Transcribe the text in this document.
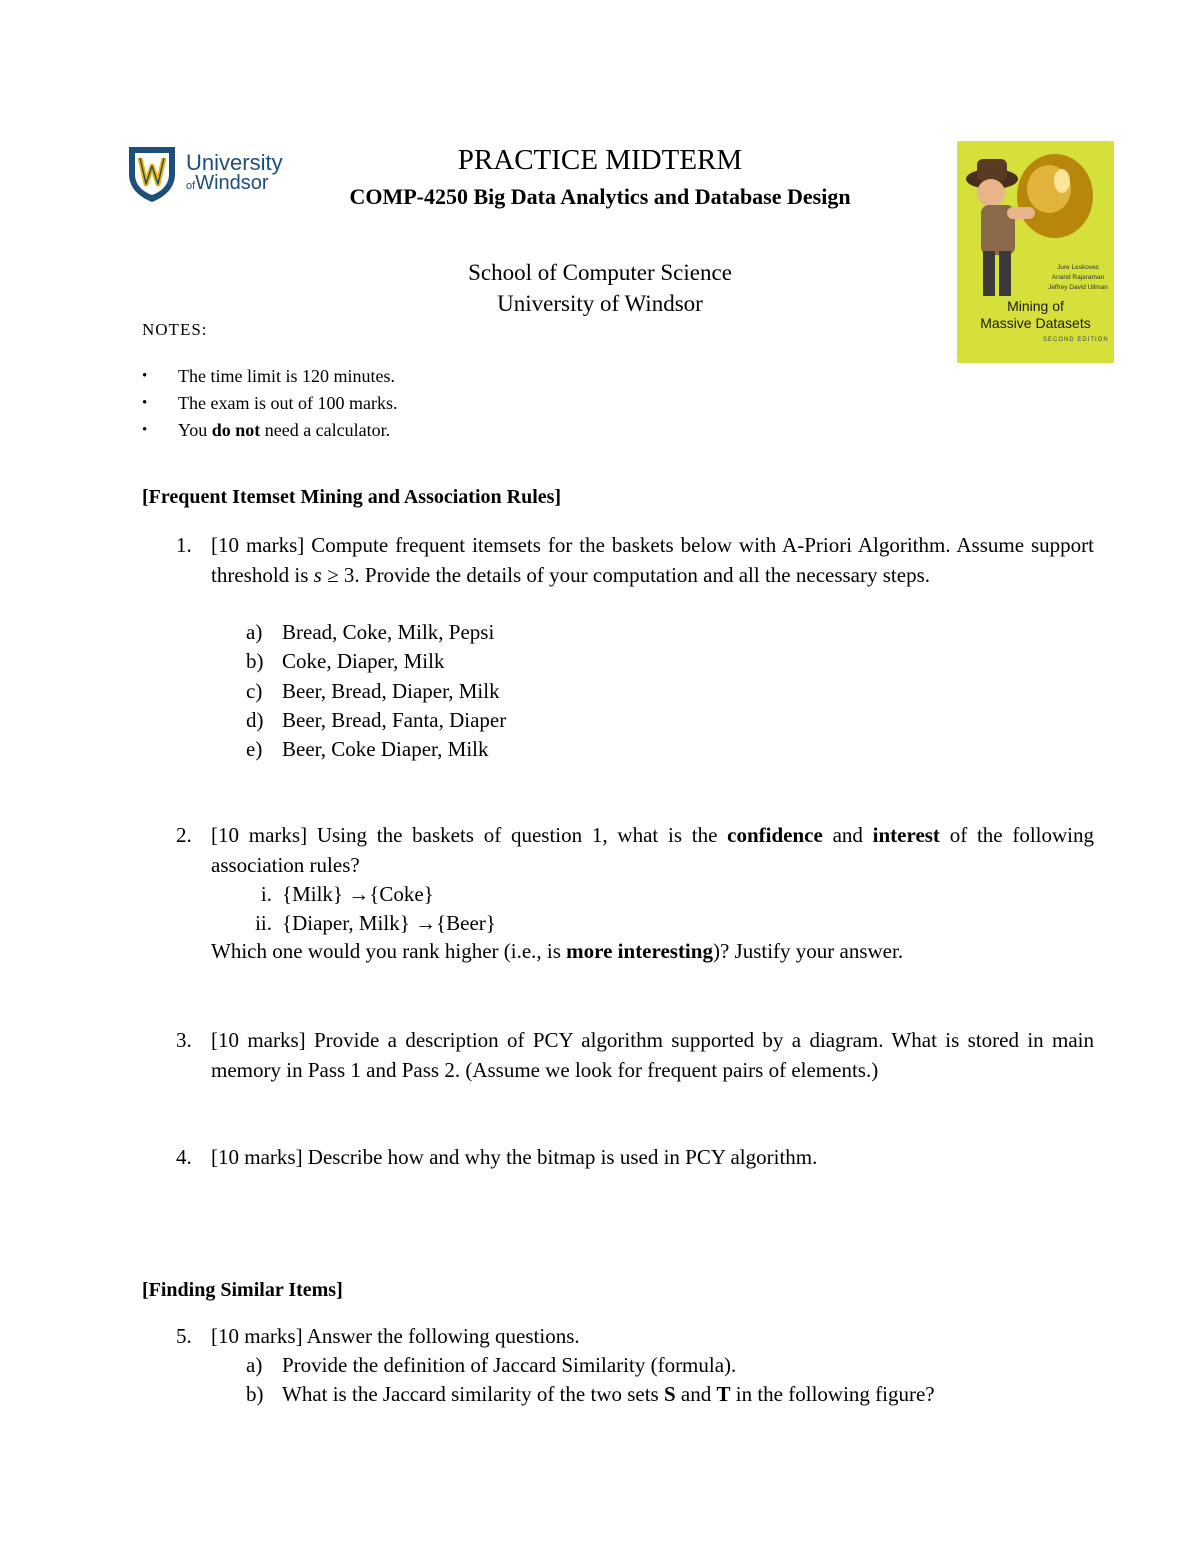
University
ofWindsor
PRACTICE MIDTERM
COMP-4250 Big Data Analytics and Database Design
School of Computer Science
University of Windsor
Jure Leskovec
Anand Rajaraman
Jeffrey David Ullman
Mining of
Massive Datasets
SECOND EDITION
NOTES:
• The time limit is 120 minutes.
• The exam is out of 100 marks.
• You do not need a calculator.
[Frequent Itemset Mining and Association Rules]
1. [10 marks] Compute frequent itemsets for the baskets below with A-Priori Algorithm. Assume support threshold is s ≥ 3. Provide the details of your computation and all the necessary steps.
a) Bread, Coke, Milk, Pepsi
b) Coke, Diaper, Milk
c) Beer, Bread, Diaper, Milk
d) Beer, Bread, Fanta, Diaper
e) Beer, Coke Diaper, Milk
2. [10 marks] Using the baskets of question 1, what is the confidence and interest of the following association rules?
i. {Milk} →{Coke}
ii. {Diaper, Milk} →{Beer}
Which one would you rank higher (i.e., is more interesting)? Justify your answer.
3. [10 marks] Provide a description of PCY algorithm supported by a diagram. What is stored in main memory in Pass 1 and Pass 2. (Assume we look for frequent pairs of elements.)
4. [10 marks] Describe how and why the bitmap is used in PCY algorithm.
[Finding Similar Items]
5. [10 marks] Answer the following questions.
a) Provide the definition of Jaccard Similarity (formula).
b) What is the Jaccard similarity of the two sets S and T in the following figure?
